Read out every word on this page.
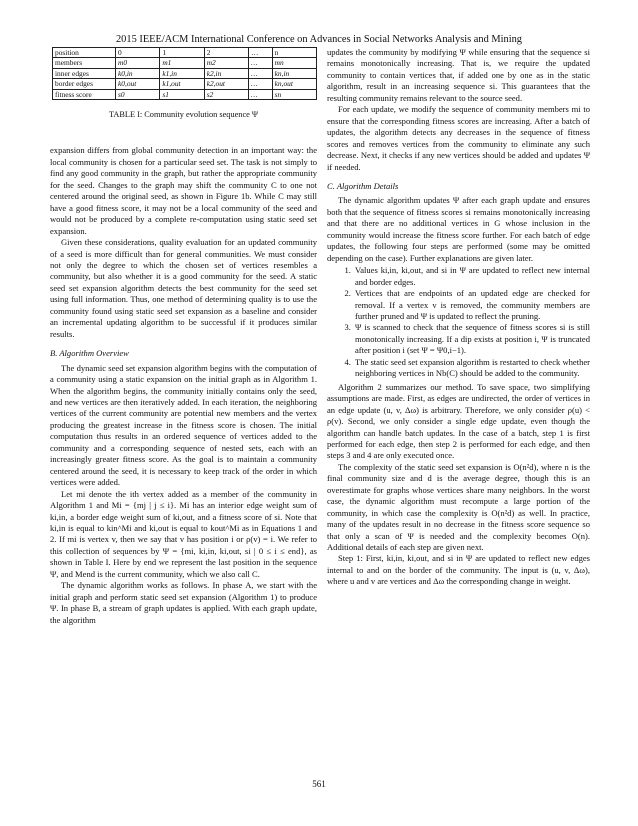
2015 IEEE/ACM International Conference on Advances in Social Networks Analysis and Mining
position	0	1	2	…	n
members	m0	m1	m2	…	mn
inner edges	k0,in	k1,in	k2,in	…	kn,in
border edges	k0,out	k1,out	k2,out	…	kn,out
fitness score	s0	s1	s2	…	sn
TABLE I: Community evolution sequence Ψ

expansion differs from global community detection in an important way: the local community is chosen for a particular seed set. The task is not simply to find any good community in the graph, but rather the appropriate community for the seed. Changes to the graph may shift the community C to one not centered around the original seed, as shown in Figure 1b. While C may still have a good fitness score, it may not be a local community of the seed and would not be produced by a complete re-computation using static seed set expansion.

Given these considerations, quality evaluation for an updated community of a seed is more difficult than for general communities. We must consider not only the degree to which the chosen set of vertices resembles a community, but also whether it is a good community for the seed. A static seed set expansion algorithm detects the best community for the seed set using full information. Thus, one method of determining quality is to use the community found using static seed set expansion as a baseline and consider an incremental updating algorithm to be successful if it produces similar results.

B. Algorithm Overview

The dynamic seed set expansion algorithm begins with the computation of a community using a static expansion on the initial graph as in Algorithm 1. When the algorithm begins, the community initially contains only the seed, and new vertices are then iteratively added. In each iteration, the neighboring vertices of the current community are potential new members and the vertex producing the greatest increase in the fitness score is chosen. The initial computation thus results in an ordered sequence of vertices added to the community and a corresponding sequence of nested sets, each with an increasingly greater fitness score. As the goal is to maintain a community centered around the seed, it is necessary to keep track of the order in which vertices were added.

Let mi denote the ith vertex added as a member of the community in Algorithm 1 and Mi = {mj | j ≤ i}. Mi has an interior edge weight sum of ki,in, a border edge weight sum of ki,out, and a fitness score of si. Note that ki,in is equal to kin^Mi and ki,out is equal to kout^Mi as in Equations 1 and 2. If mi is vertex v, then we say that v has position i or ρ(v) = i. We refer to this collection of sequences by Ψ = {mi, ki,in, ki,out, si | 0 ≤ i ≤ end}, as shown in Table I. Here by end we represent the last position in the sequence Ψ, and Mend is the current community, which we also call C.

The dynamic algorithm works as follows. In phase A, we start with the initial graph and perform static seed set expansion (Algorithm 1) to produce Ψ. In phase B, a stream of graph updates is applied. With each graph update, the algorithm

updates the community by modifying Ψ while ensuring that the sequence si remains monotonically increasing. That is, we require the updated community to contain vertices that, if added one by one as in the static algorithm, result in an increasing sequence si. This guarantees that the resulting community remains relevant to the source seed.

For each update, we modify the sequence of community members mi to ensure that the corresponding fitness scores are increasing. After a batch of updates, the algorithm detects any decreases in the sequence of fitness scores and removes vertices from the community to eliminate any such decrease. Next, it checks if any new vertices should be added and updates Ψ if needed.

C. Algorithm Details

The dynamic algorithm updates Ψ after each graph update and ensures both that the sequence of fitness scores si remains monotonically increasing and that there are no additional vertices in G whose inclusion in the community would increase the fitness score further. For each batch of edge updates, the following four steps are performed (some may be omitted depending on the case). Further explanations are given later.

1. Values ki,in, ki,out, and si in Ψ are updated to reflect new internal and border edges.
2. Vertices that are endpoints of an updated edge are checked for removal. If a vertex v is removed, the community members are further pruned and Ψ is updated to reflect the pruning.
3. Ψ is scanned to check that the sequence of fitness scores si is still monotonically increasing. If a dip exists at position i, Ψ is truncated after position i (set Ψ = Ψ0,i−1).
4. The static seed set expansion algorithm is restarted to check whether neighboring vertices in Nb(C) should be added to the community.

Algorithm 2 summarizes our method. To save space, two simplifying assumptions are made. First, as edges are undirected, the order of vertices in an edge update (u, v, Δω) is arbitrary. Therefore, we only consider ρ(u) < ρ(v). Second, we only consider a single edge update, even though the algorithm can handle batch updates. In the case of a batch, step 1 is first performed for each edge, then step 2 is performed for each edge, and then steps 3 and 4 are only executed once.

The complexity of the static seed set expansion is O(n²d), where n is the final community size and d is the average degree, though this is an overestimate for graphs whose vertices share many neighbors. In the worst case, the dynamic algorithm must recompute a large portion of the community, in which case the complexity is O(n²d) as well. In practice, many of the updates result in no decrease in the fitness score sequence so that only a scan of Ψ is needed and the complexity becomes O(n). Additional details of each step are given next.

Step 1: First, ki,in, ki,out, and si in Ψ are updated to reflect new edges internal to and on the border of the community. The input is (u, v, Δω), where u and v are vertices and Δω the corresponding change in weight.

561
